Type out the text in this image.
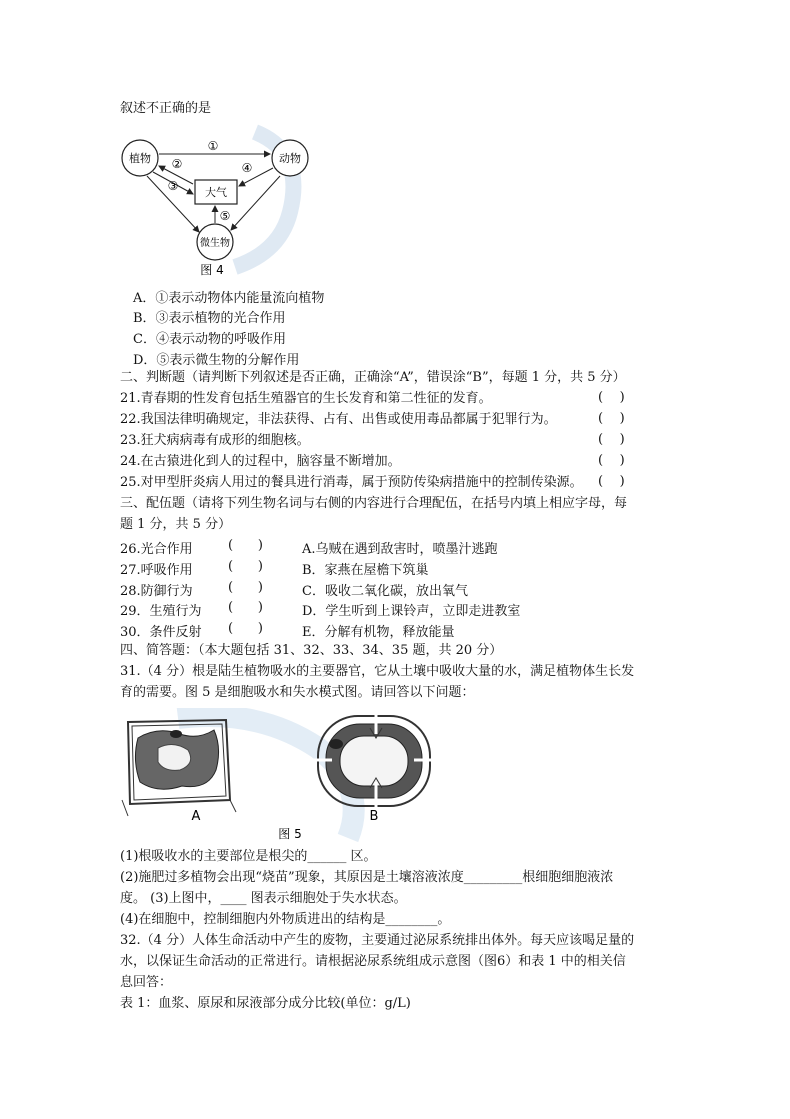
叙述不正确的是
植物	动物
大气
微生物
①
②
③
④
⑤
图 4
A．①表示动物体内能量流向植物
B．③表示植物的光合作用
C．④表示动物的呼吸作用
D．⑤表示微生物的分解作用
二、判断题（请判断下列叙述是否正确，正确涂“A”，错误涂“B”，每题 1 分，共 5 分）
21.青春期的性发育包括生殖器官的生长发育和第二性征的发育。	(    )
22.我国法律明确规定，非法获得、占有、出售或使用毒品都属于犯罪行为。	(    )
23.狂犬病病毒有成形的细胞核。	(    )
24.在古猿进化到人的过程中，脑容量不断增加。	(    )
25.对甲型肝炎病人用过的餐具进行消毒，属于预防传染病措施中的控制传染源。 (    )
三、配伍题（请将下列生物名词与右侧的内容进行合理配伍，在括号内填上相应字母，每
题 1 分，共 5 分）
26.光合作用	(      )	A.乌贼在遇到敌害时，喷墨汁逃跑
27.呼吸作用	(      )	B．家燕在屋檐下筑巢
28.防御行为	(      )	C．吸收二氧化碳，放出氧气
29．生殖行为 (      )	D．学生听到上课铃声，立即走进教室
30．条件反射 (      )	E．分解有机物，释放能量
四、简答题：（本大题包括 31、32、33、34、35 题，共 20 分）
31.（4 分）根是陆生植物吸水的主要器官，它从土壤中吸收大量的水，满足植物体生长发
育的需要。图 5 是细胞吸水和失水模式图。请回答以下问题：
A	B
图 5
(1)根吸收水的主要部位是根尖的______ 区。
(2)施肥过多植物会出现“烧苗”现象，其原因是土壤溶液浓度_________根细胞细胞液浓
度。 (3)上图中，____ 图表示细胞处于失水状态。
(4)在细胞中，控制细胞内外物质进出的结构是________。
32.（4 分）人体生命活动中产生的废物，主要通过泌尿系统排出体外。每天应该喝足量的
水，以保证生命活动的正常进行。请根据泌尿系统组成示意图（图6）和表 1 中的相关信
息回答：
表 1：血浆、原尿和尿液部分成分比较(单位：g/L)
